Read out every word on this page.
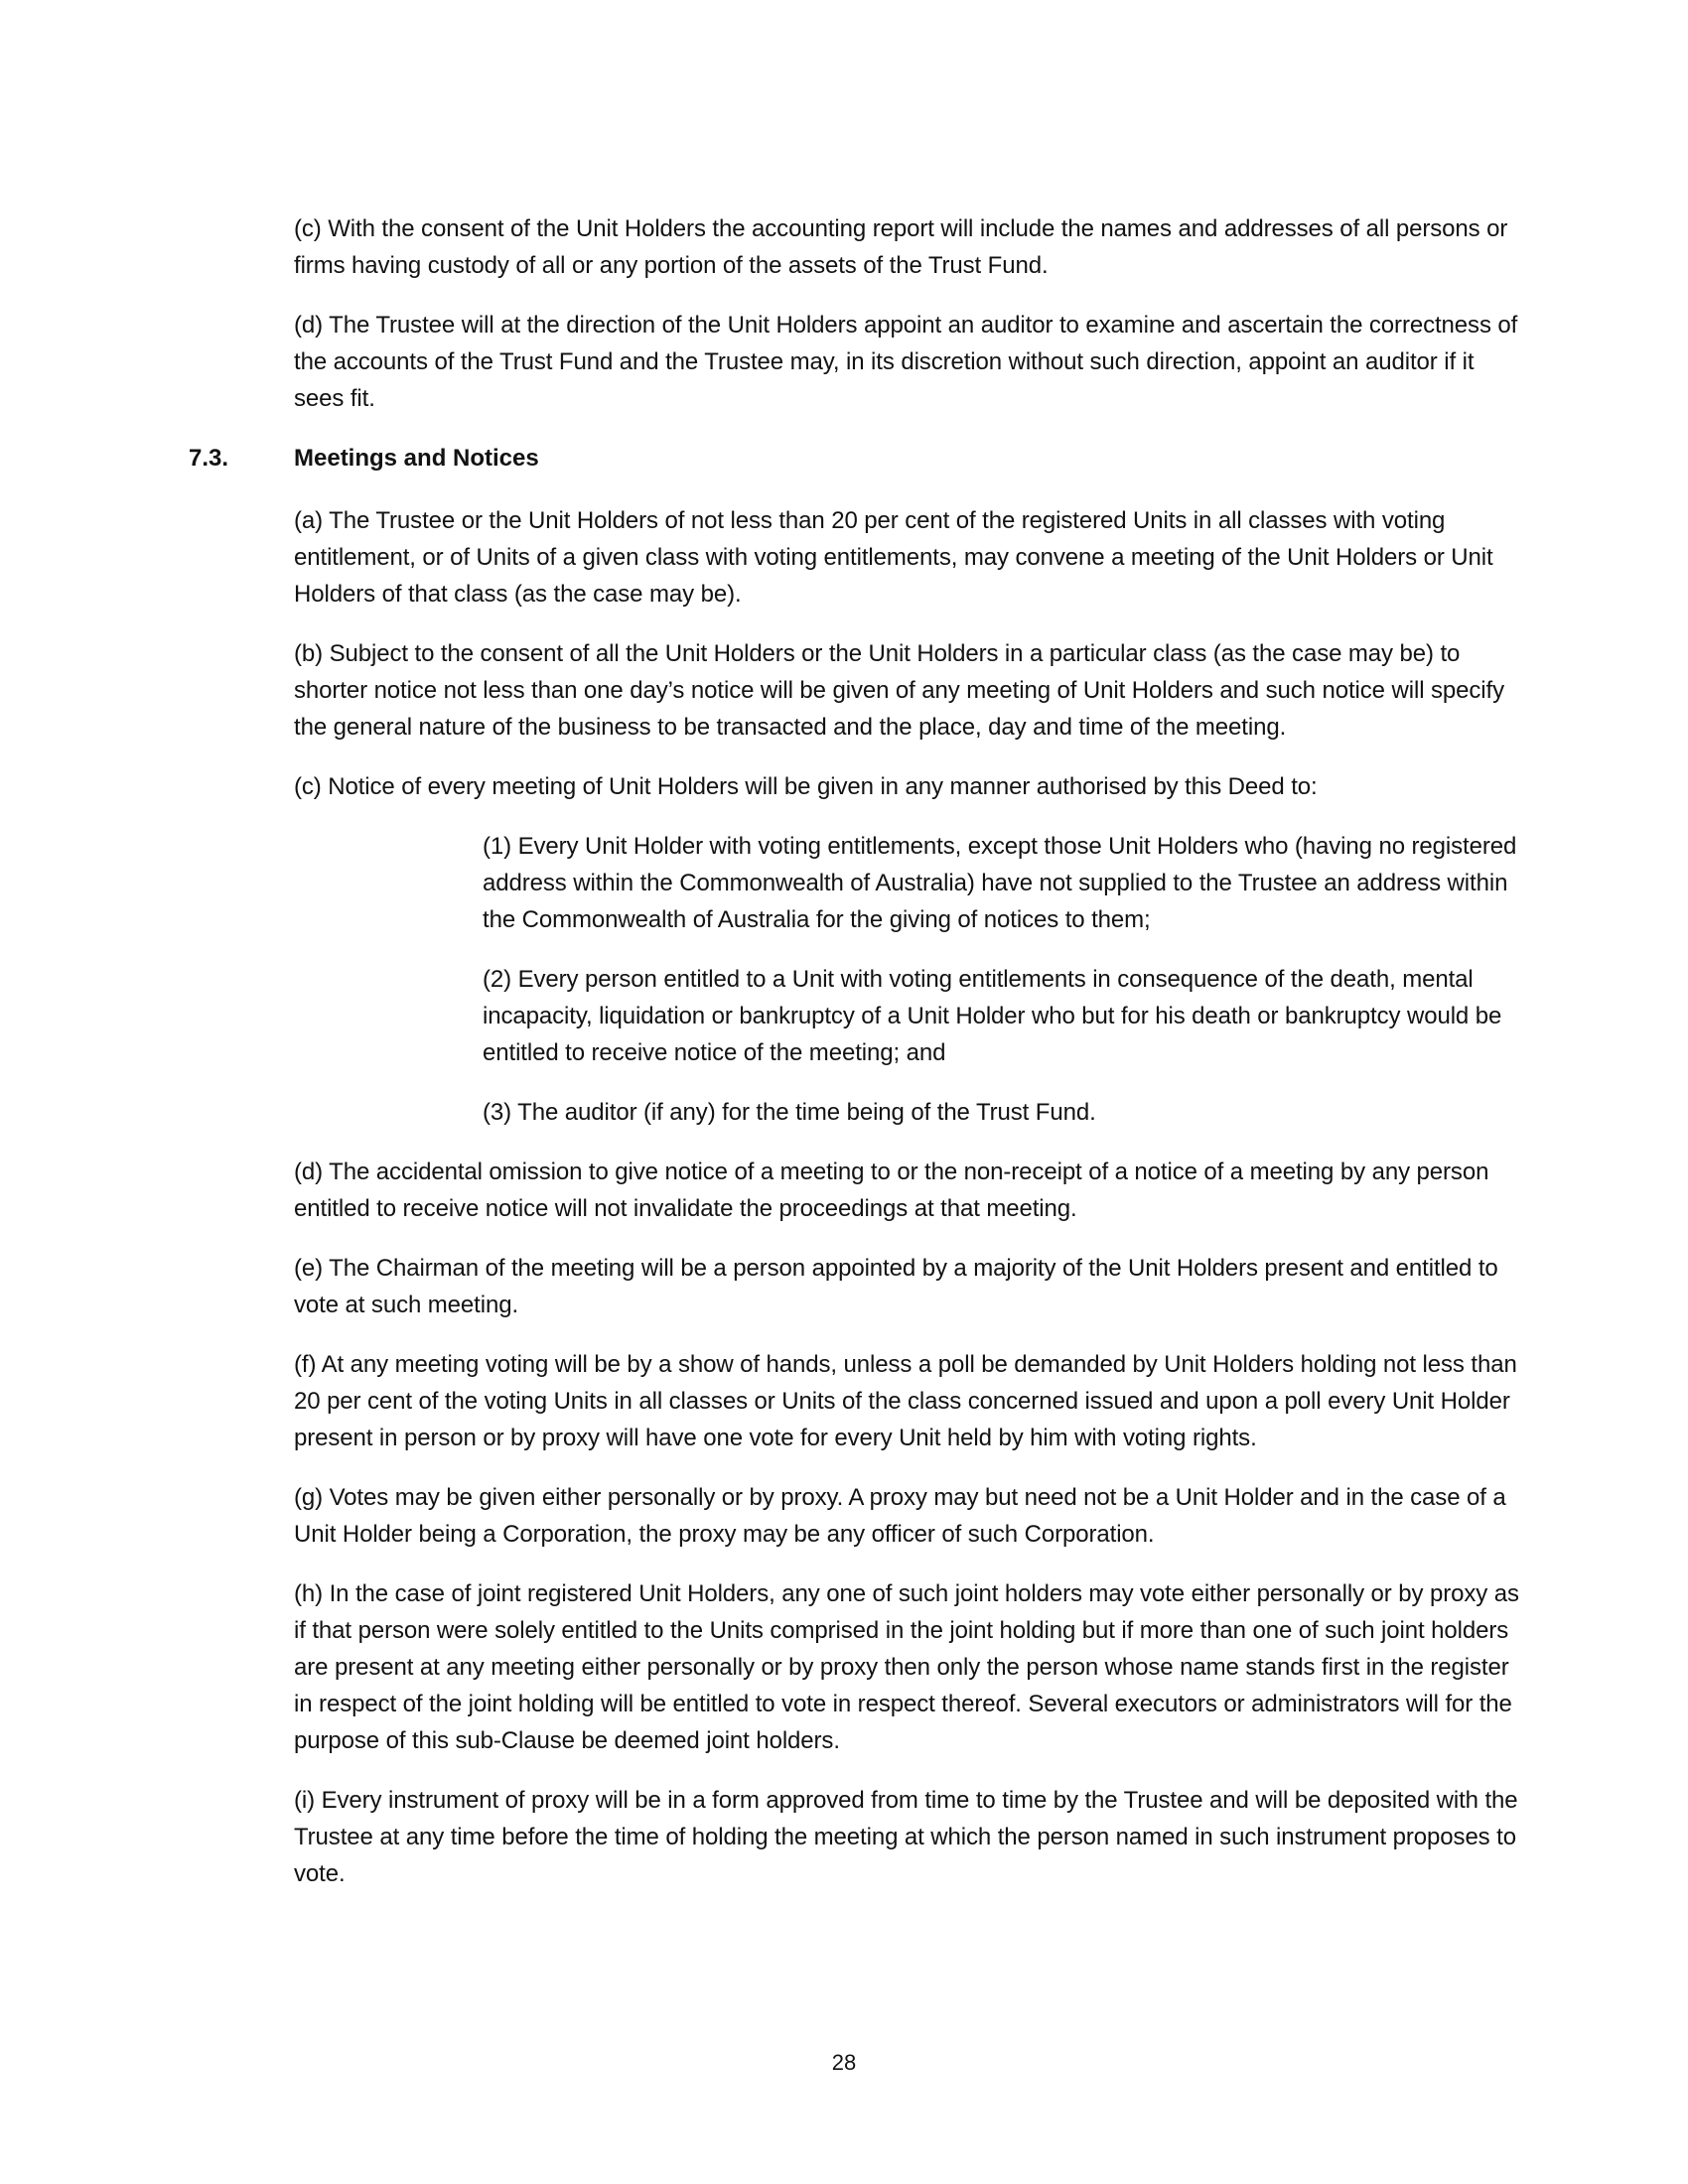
(c) With the consent of the Unit Holders the accounting report will include the names and addresses of all persons or firms having custody of all or any portion of the assets of the Trust Fund.

(d) The Trustee will at the direction of the Unit Holders appoint an auditor to examine and ascertain the correctness of the accounts of the Trust Fund and the Trustee may, in its discretion without such direction, appoint an auditor if it sees fit.

7.3.	Meetings and Notices

(a) The Trustee or the Unit Holders of not less than 20 per cent of the registered Units in all classes with voting entitlement, or of Units of a given class with voting entitlements, may convene a meeting of the Unit Holders or Unit Holders of that class (as the case may be).

(b) Subject to the consent of all the Unit Holders or the Unit Holders in a particular class (as the case may be) to shorter notice not less than one day’s notice will be given of any meeting of Unit Holders and such notice will specify the general nature of the business to be transacted and the place, day and time of the meeting.

(c) Notice of every meeting of Unit Holders will be given in any manner authorised by this Deed to:

(1) Every Unit Holder with voting entitlements, except those Unit Holders who (having no registered address within the Commonwealth of Australia) have not supplied to the Trustee an address within the Commonwealth of Australia for the giving of notices to them;

(2) Every person entitled to a Unit with voting entitlements in consequence of the death, mental incapacity, liquidation or bankruptcy of a Unit Holder who but for his death or bankruptcy would be entitled to receive notice of the meeting; and

(3) The auditor (if any) for the time being of the Trust Fund.

(d) The accidental omission to give notice of a meeting to or the non-receipt of a notice of a meeting by any person entitled to receive notice will not invalidate the proceedings at that meeting.

(e) The Chairman of the meeting will be a person appointed by a majority of the Unit Holders present and entitled to vote at such meeting.

(f) At any meeting voting will be by a show of hands, unless a poll be demanded by Unit Holders holding not less than 20 per cent of the voting Units in all classes or Units of the class concerned issued and upon a poll every Unit Holder present in person or by proxy will have one vote for every Unit held by him with voting rights.

(g) Votes may be given either personally or by proxy. A proxy may but need not be a Unit Holder and in the case of a Unit Holder being a Corporation, the proxy may be any officer of such Corporation.

(h) In the case of joint registered Unit Holders, any one of such joint holders may vote either personally or by proxy as if that person were solely entitled to the Units comprised in the joint holding but if more than one of such joint holders are present at any meeting either personally or by proxy then only the person whose name stands first in the register in respect of the joint holding will be entitled to vote in respect thereof. Several executors or administrators will for the purpose of this sub-Clause be deemed joint holders.

(i) Every instrument of proxy will be in a form approved from time to time by the Trustee and will be deposited with the Trustee at any time before the time of holding the meeting at which the person named in such instrument proposes to vote.

28
